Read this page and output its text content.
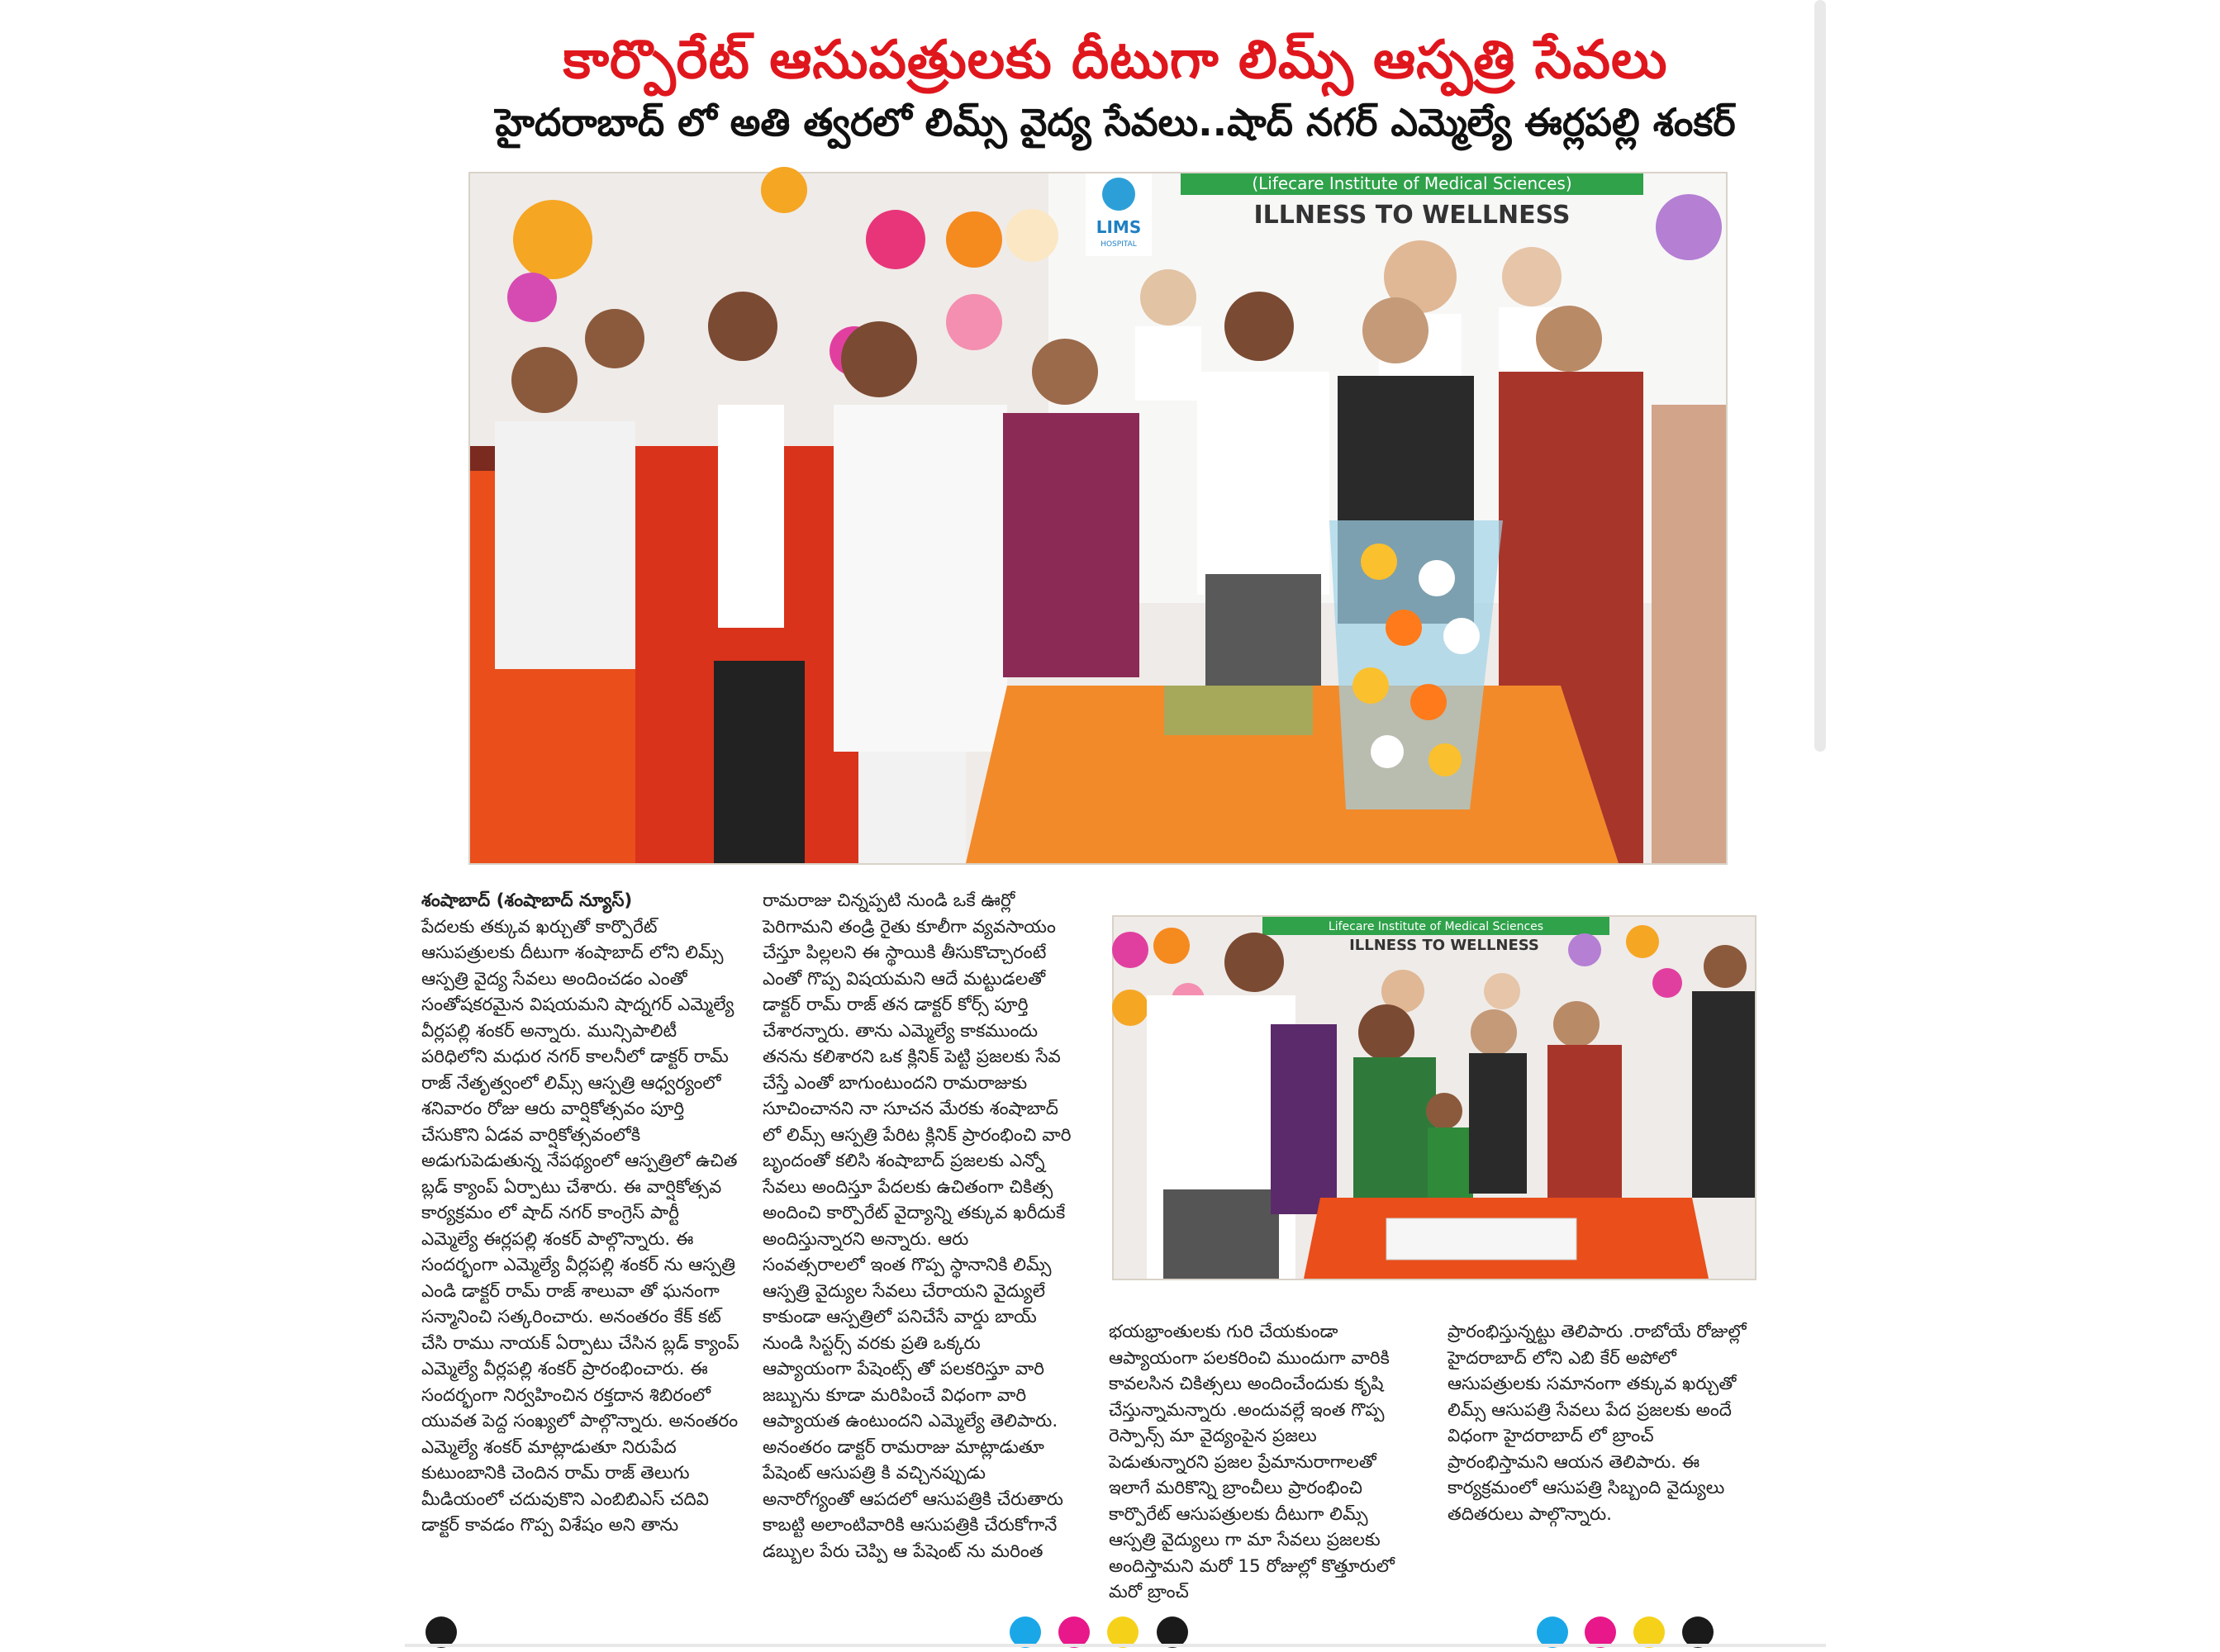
కార్పొరేట్ ఆసుపత్రులకు దీటుగా లిమ్స్ ఆస్పత్రి సేవలు
హైదరాబాద్ లో అతి త్వరలో లిమ్స్ వైద్య సేవలు..షాద్ నగర్ ఎమ్మెల్యే ఈర్లపల్లి శంకర్
(Lifecare Institute of Medical Sciences)
ILLNESS TO WELLNESS
LIMS
HOSPITAL
Lifecare Institute of Medical Sciences
ILLNESS TO WELLNESS
శంషాబాద్ (శంషాబాద్ న్యూస్)
పేదలకు తక్కువ ఖర్చుతో కార్పొరేట్ ఆసుపత్రులకు దీటుగా శంషాబాద్ లోని లిమ్స్ ఆస్పత్రి వైద్య సేవలు అందించడం ఎంతో సంతోషకరమైన విషయమని షాద్నగర్ ఎమ్మెల్యే వీర్లపల్లి శంకర్ అన్నారు. మున్సిపాలిటీ పరిధిలోని మధుర నగర్ కాలనీలో డాక్టర్ రామ్ రాజ్ నేతృత్వంలో లిమ్స్ ఆస్పత్రి ఆధ్వర్యంలో శనివారం రోజు ఆరు వార్షికోత్సవం పూర్తి చేసుకొని ఏడవ వార్షికోత్సవంలోకి అడుగుపెడుతున్న నేపథ్యంలో ఆస్పత్రిలో ఉచిత బ్లడ్ క్యాంప్ ఏర్పాటు చేశారు. ఈ వార్షికోత్సవ కార్యక్రమం లో షాద్ నగర్ కాంగ్రెస్ పార్టీ ఎమ్మెల్యే ఈర్లపల్లి శంకర్ పాల్గొన్నారు. ఈ సందర్భంగా ఎమ్మెల్యే వీర్లపల్లి శంకర్ ను ఆస్పత్రి ఎండి డాక్టర్ రామ్ రాజ్ శాలువా తో ఘనంగా సన్మానించి సత్కరించారు. అనంతరం కేక్ కట్ చేసి రాము నాయక్ ఏర్పాటు చేసిన బ్లడ్ క్యాంప్ ఎమ్మెల్యే వీర్లపల్లి శంకర్ ప్రారంభించారు. ఈ సందర్భంగా నిర్వహించిన రక్తదాన శిబిరంలో యువత పెద్ద సంఖ్యలో పాల్గొన్నారు. అనంతరం ఎమ్మెల్యే శంకర్ మాట్లాడుతూ నిరుపేద కుటుంబానికి చెందిన రామ్ రాజ్ తెలుగు మీడియంలో చదువుకొని ఎంబిబిఎస్ చదివి డాక్టర్ కావడం గొప్ప విశేషం అని తాను
రామరాజు చిన్నప్పటి నుండి ఒకే ఊర్లో పెరిగామని తండ్రి రైతు కూలీగా వ్యవసాయం చేస్తూ పిల్లలని ఈ స్థాయికి తీసుకొచ్చారంటే ఎంతో గొప్ప విషయమని ఆదే మట్టుడలతో డాక్టర్ రామ్ రాజ్ తన డాక్టర్ కోర్స్ పూర్తి చేశారన్నారు. తాను ఎమ్మెల్యే కాకముందు తనను కలిశారని ఒక క్లినిక్ పెట్టి ప్రజలకు సేవ చేస్తే ఎంతో బాగుంటుందని రామరాజుకు సూచించానని నా సూచన మేరకు శంషాబాద్ లో లిమ్స్ ఆస్పత్రి పేరిట క్లినిక్ ప్రారంభించి వారి బృందంతో కలిసి శంషాబాద్ ప్రజలకు ఎన్నో సేవలు అందిస్తూ పేదలకు ఉచితంగా చికిత్స అందించి కార్పొరేట్ వైద్యాన్ని తక్కువ ఖరీదుకే అందిస్తున్నారని అన్నారు. ఆరు సంవత్సరాలలో ఇంత గొప్ప స్థానానికి లిమ్స్ ఆస్పత్రి వైద్యుల సేవలు చేరాయని వైద్యులే కాకుండా ఆస్పత్రిలో పనిచేసే వార్డు బాయ్ నుండి సిస్టర్స్ వరకు ప్రతి ఒక్కరు ఆప్యాయంగా పేషెంట్స్ తో పలకరిస్తూ వారి జబ్బును కూడా మరిపించే విధంగా వారి ఆప్యాయత ఉంటుందని ఎమ్మెల్యే తెలిపారు. అనంతరం డాక్టర్ రామరాజు మాట్లాడుతూ పేషెంట్ ఆసుపత్రి కి వచ్చినప్పుడు అనారోగ్యంతో ఆపదలో ఆసుపత్రికి చేరుతారు కాబట్టి అలాంటివారికి ఆసుపత్రికి చేరుకోగానే డబ్బుల పేరు చెప్పి ఆ పేషెంట్ ను మరింత
భయభ్రాంతులకు గురి చేయకుండా ఆప్యాయంగా పలకరించి ముందుగా వారికి కావలసిన చికిత్సలు అందించేందుకు కృషి చేస్తున్నామన్నారు .అందువల్లే ఇంత గొప్ప రెస్పాన్స్ మా వైద్యంపైన ప్రజలు పెడుతున్నారని ప్రజల ప్రేమానురాగాలతో ఇలాగే మరికొన్ని బ్రాంచీలు ప్రారంభించి కార్పొరేట్ ఆసుపత్రులకు దీటుగా లిమ్స్ ఆస్పత్రి వైద్యులు గా మా సేవలు ప్రజలకు అందిస్తామని మరో 15 రోజుల్లో కొత్తూరులో మరో బ్రాంచ్
ప్రారంభిస్తున్నట్టు తెలిపారు .రాబోయే రోజుల్లో హైదరాబాద్ లోని ఎబి కేర్ అపోలో ఆసుపత్రులకు సమానంగా తక్కువ ఖర్చుతో లిమ్స్ ఆసుపత్రి సేవలు పేద ప్రజలకు అందే విధంగా హైదరాబాద్ లో బ్రాంచ్ ప్రారంభిస్తామని ఆయన తెలిపారు. ఈ కార్యక్రమంలో ఆసుపత్రి సిబ్బంది వైద్యులు తదితరులు పాల్గొన్నారు.
